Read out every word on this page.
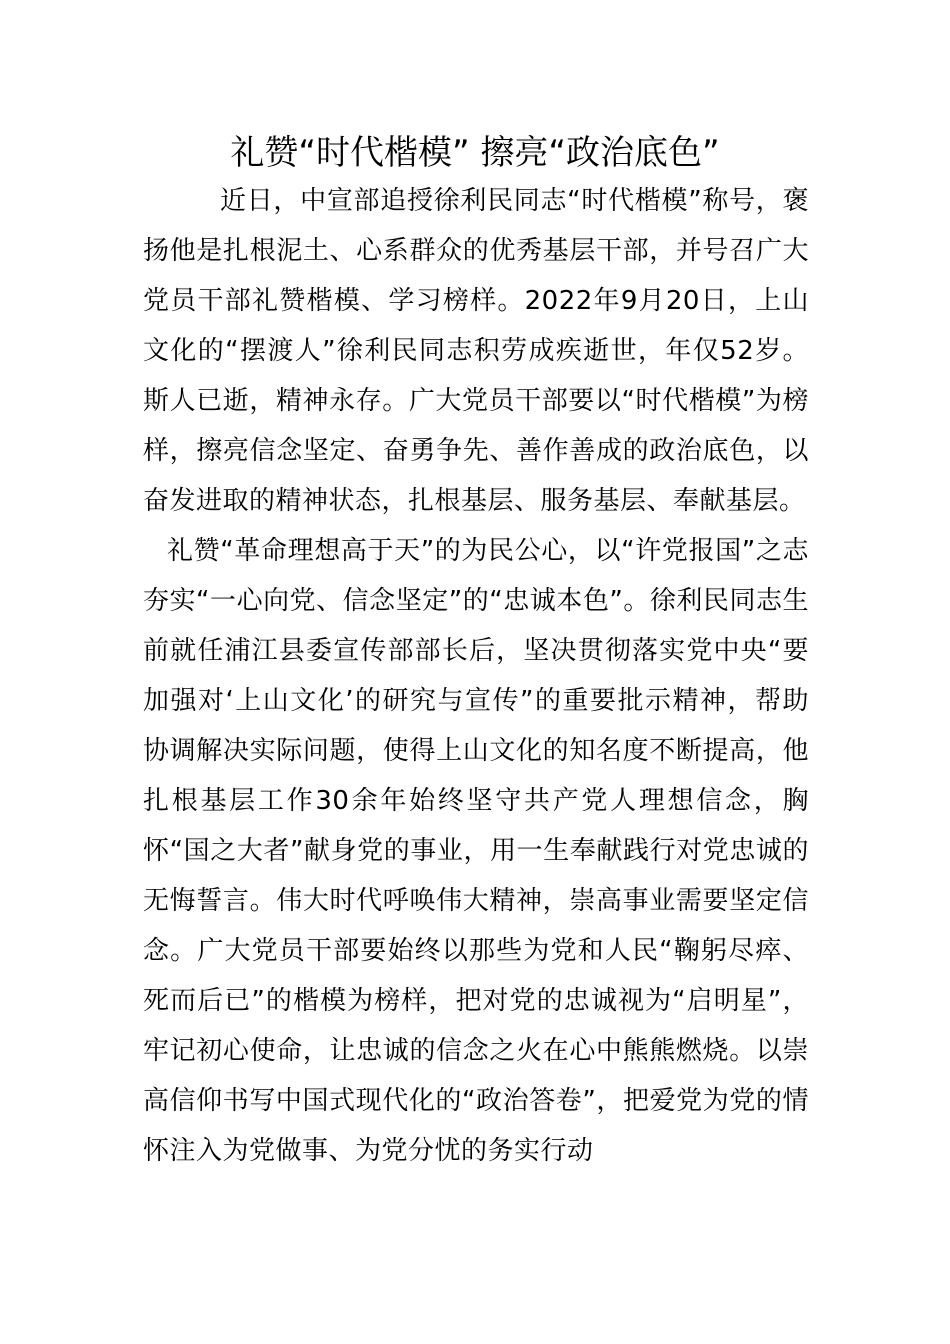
礼赞“时代楷模” 擦亮“政治底色”

近日，中宣部追授徐利民同志“时代楷模”称号，褒扬他是扎根泥土、心系群众的优秀基层干部，并号召广大党员干部礼赞楷模、学习榜样。2022年9月20日，上山文化的“摆渡人”徐利民同志积劳成疾逝世，年仅52岁。斯人已逝，精神永存。广大党员干部要以“时代楷模”为榜样，擦亮信念坚定、奋勇争先、善作善成的政治底色，以奋发进取的精神状态，扎根基层、服务基层、奉献基层。

礼赞“革命理想高于天”的为民公心，以“许党报国”之志夯实“一心向党、信念坚定”的“忠诚本色”。徐利民同志生前就任浦江县委宣传部部长后，坚决贯彻落实党中央“要加强对‘上山文化’的研究与宣传”的重要批示精神，帮助协调解决实际问题，使得上山文化的知名度不断提高，他扎根基层工作30余年始终坚守共产党人理想信念，胸怀“国之大者”献身党的事业，用一生奉献践行对党忠诚的无悔誓言。伟大时代呼唤伟大精神，崇高事业需要坚定信念。广大党员干部要始终以那些为党和人民“鞠躬尽瘁、死而后已”的楷模为榜样，把对党的忠诚视为“启明星”，牢记初心使命，让忠诚的信念之火在心中熊熊燃烧。以崇高信仰书写中国式现代化的“政治答卷”，把爱党为党的情怀注入为党做事、为党分忧的务实行动
